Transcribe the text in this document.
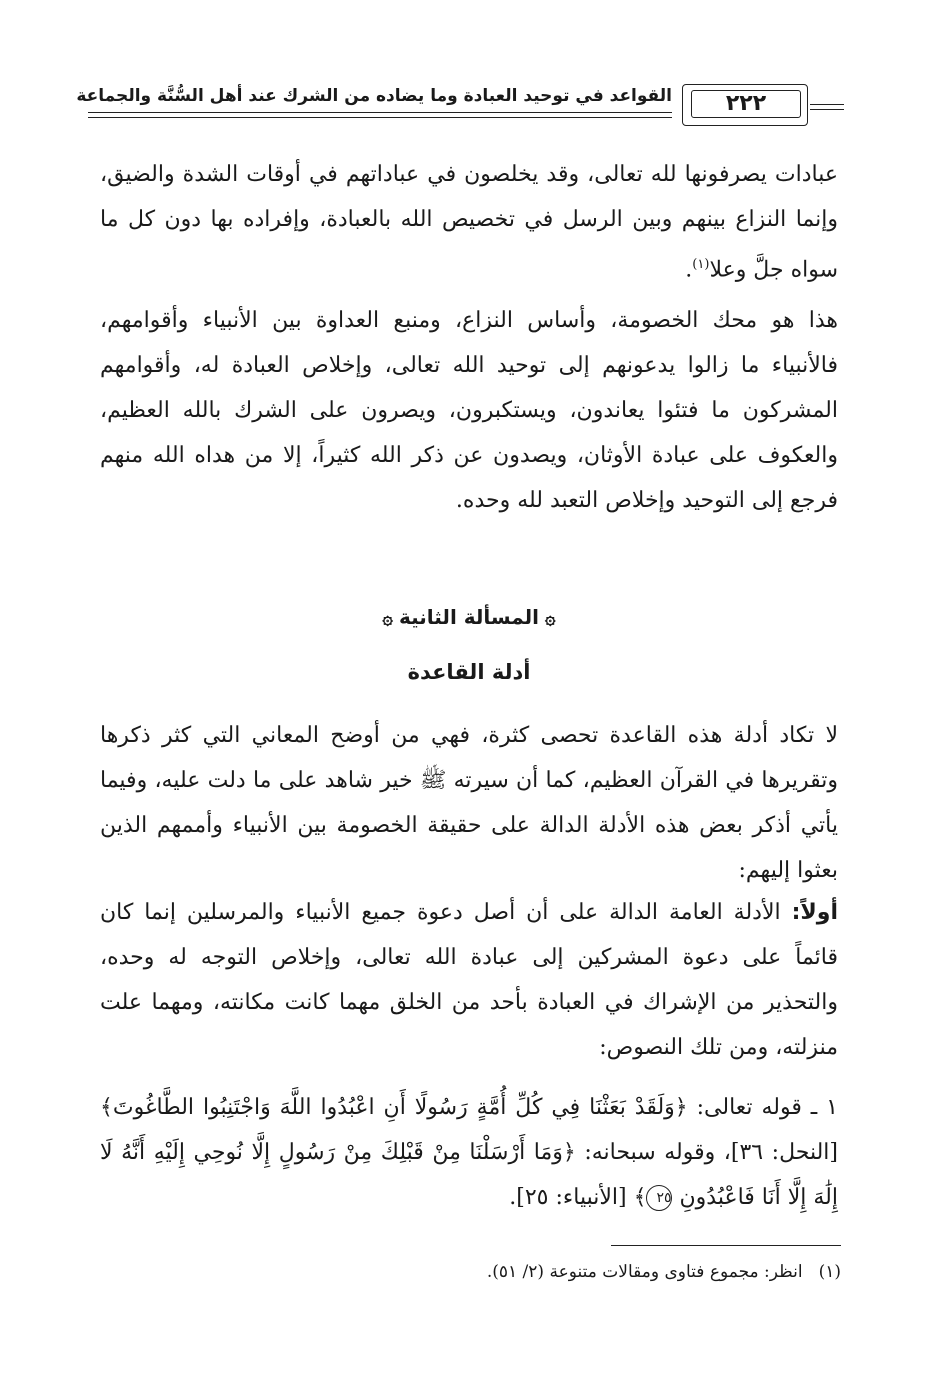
القواعد في توحيد العبادة وما يضاده من الشرك عند أهل السُّنَّة والجماعة	٢٢٢

عبادات يصرفونها لله تعالى، وقد يخلصون في عباداتهم في أوقات الشدة والضيق، وإنما النزاع بينهم وبين الرسل في تخصيص الله بالعبادة، وإفراده بها دون كل ما سواه جلَّ وعلا$^{(١)}$.

هذا هو محك الخصومة، وأساس النزاع، ومنبع العداوة بين الأنبياء وأقوامهم، فالأنبياء ما زالوا يدعونهم إلى توحيد الله تعالى، وإخلاص العبادة له، وأقوامهم المشركون ما فتئوا يعاندون، ويستكبرون، ويصرون على الشرك بالله العظيم، والعكوف على عبادة الأوثان، ويصدون عن ذكر الله كثيراً، إلا من هداه الله منهم فرجع إلى التوحيد وإخلاص التعبد لله وحده.

۞المسألة الثانية۞
أدلة القاعدة

لا تكاد أدلة هذه القاعدة تحصى كثرة، فهي من أوضح المعاني التي كثر ذكرها وتقريرها في القرآن العظيم، كما أن سيرته ﷺ خير شاهد على ما دلت عليه، وفيما يأتي أذكر بعض هذه الأدلة الدالة على حقيقة الخصومة بين الأنبياء وأممهم الذين بعثوا إليهم:

أولاً: الأدلة العامة الدالة على أن أصل دعوة جميع الأنبياء والمرسلين إنما كان قائماً على دعوة المشركين إلى عبادة الله تعالى، وإخلاص التوجه له وحده، والتحذير من الإشراك في العبادة بأحد من الخلق مهما كانت مكانته، ومهما علت منزلته، ومن تلك النصوص:

١ ـ قوله تعالى: ﴿وَلَقَدْ بَعَثْنَا فِي كُلِّ أُمَّةٍ رَسُولًا أَنِ اعْبُدُوا اللَّهَ وَاجْتَنِبُوا الطَّاغُوتَ﴾ [النحل: ٣٦]، وقوله سبحانه: ﴿وَمَا أَرْسَلْنَا مِنْ قَبْلِكَ مِنْ رَسُولٍ إِلَّا نُوحِي إِلَيْهِ أَنَّهُ لَا إِلَٰهَ إِلَّا أَنَا فَاعْبُدُونِ ٢٥﴾ [الأنبياء: ٢٥].

(١)انظر: مجموع فتاوى ومقالات متنوعة (٢/ ٥١).
